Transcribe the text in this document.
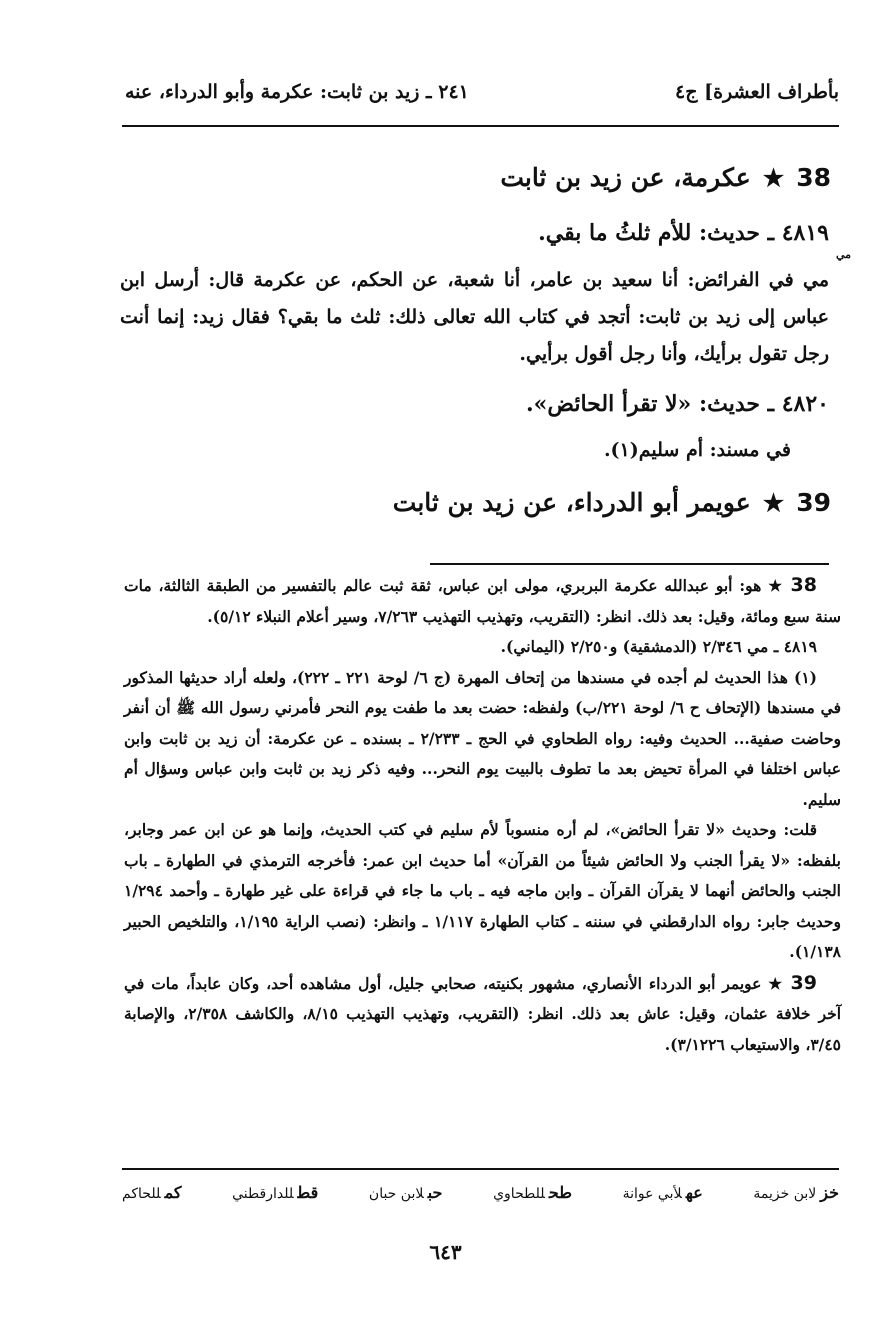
بأطراف العشرة] ج٤
٢٤١ ـ زيد بن ثابت: عكرمة وأبو الدرداء، عنه
38
★
عكرمة، عن زيد بن ثابت
٤٨١٩ ـ حديث: للأم ثلثُ ما بقي.
مي
مي في الفرائض: أنا سعيد بن عامر، أنا شعبة، عن الحكم، عن عكرمة قال: أرسل ابن عباس إلى زيد بن ثابت: أتجد في كتاب الله تعالى ذلك: ثلث ما بقي؟ فقال زيد: إنما أنت رجل تقول برأيك، وأنا رجل أقول برأيي.
٤٨٢٠ ـ حديث: «لا تقرأ الحائض».
في مسند: أم سليم(١).
39
★
عويمر أبو الدرداء، عن زيد بن ثابت

38 ★ هو: أبو عبدالله عكرمة البربري، مولى ابن عباس، ثقة ثبت عالم بالتفسير من الطبقة الثالثة، مات سنة سبع ومائة، وقيل: بعد ذلك. انظر: (التقريب، وتهذيب التهذيب ٧/٢٦٣، وسير أعلام النبلاء ٥/١٢).

٤٨١٩ ـ مي ٢/٣٤٦ (الدمشقية) و٢/٢٥٠ (اليماني).

(١) هذا الحديث لم أجده في مسندها من إتحاف المهرة (ج ٦/ لوحة ٢٢١ ـ ٢٢٢)، ولعله أراد حديثها المذكور في مسندها (الإتحاف ح ٦/ لوحة ٢٢١/ب) ولفظه: حضت بعد ما طفت يوم النحر فأمرني رسول الله ﷺ أن أنفر وحاضت صفية... الحديث وفيه: رواه الطحاوي في الحج ـ ٢/٢٣٣ ـ بسنده ـ عن عكرمة: أن زيد بن ثابت وابن عباس اختلفا في المرأة تحيض بعد ما تطوف بالبيت يوم النحر... وفيه ذكر زيد بن ثابت وابن عباس وسؤال أم سليم.

قلت: وحديث «لا تقرأ الحائض»، لم أره منسوباً لأم سليم في كتب الحديث، وإنما هو عن ابن عمر وجابر، بلفظه: «لا يقرأ الجنب ولا الحائض شيئاً من القرآن» أما حديث ابن عمر: فأخرجه الترمذي في الطهارة ـ باب الجنب والحائض أنهما لا يقرآن القرآن ـ وابن ماجه فيه ـ باب ما جاء في قراءة على غير طهارة ـ وأحمد ١/٢٩٤ وحديث جابر: رواه الدارقطني في سننه ـ كتاب الطهارة ١/١١٧ ـ وانظر: (نصب الراية ١/١٩٥، والتلخيص الحبير ١/١٣٨).

39 ★ عويمر أبو الدرداء الأنصاري، مشهور بكنيته، صحابي جليل، أول مشاهده أحد، وكان عابداً، مات في آخر خلافة عثمان، وقيل: عاش بعد ذلك. انظر: (التقريب، وتهذيب التهذيب ٨/١٥، والكاشف ٢/٣٥٨، والإصابة ٣/٤٥، والاستيعاب ٣/١٢٢٦).

خزلابن خزيمة
عهلأبي عوانة
طحللطحاوي
حبلابن حبان
قطللدارقطني
كمللحاكم
٦٤٣
